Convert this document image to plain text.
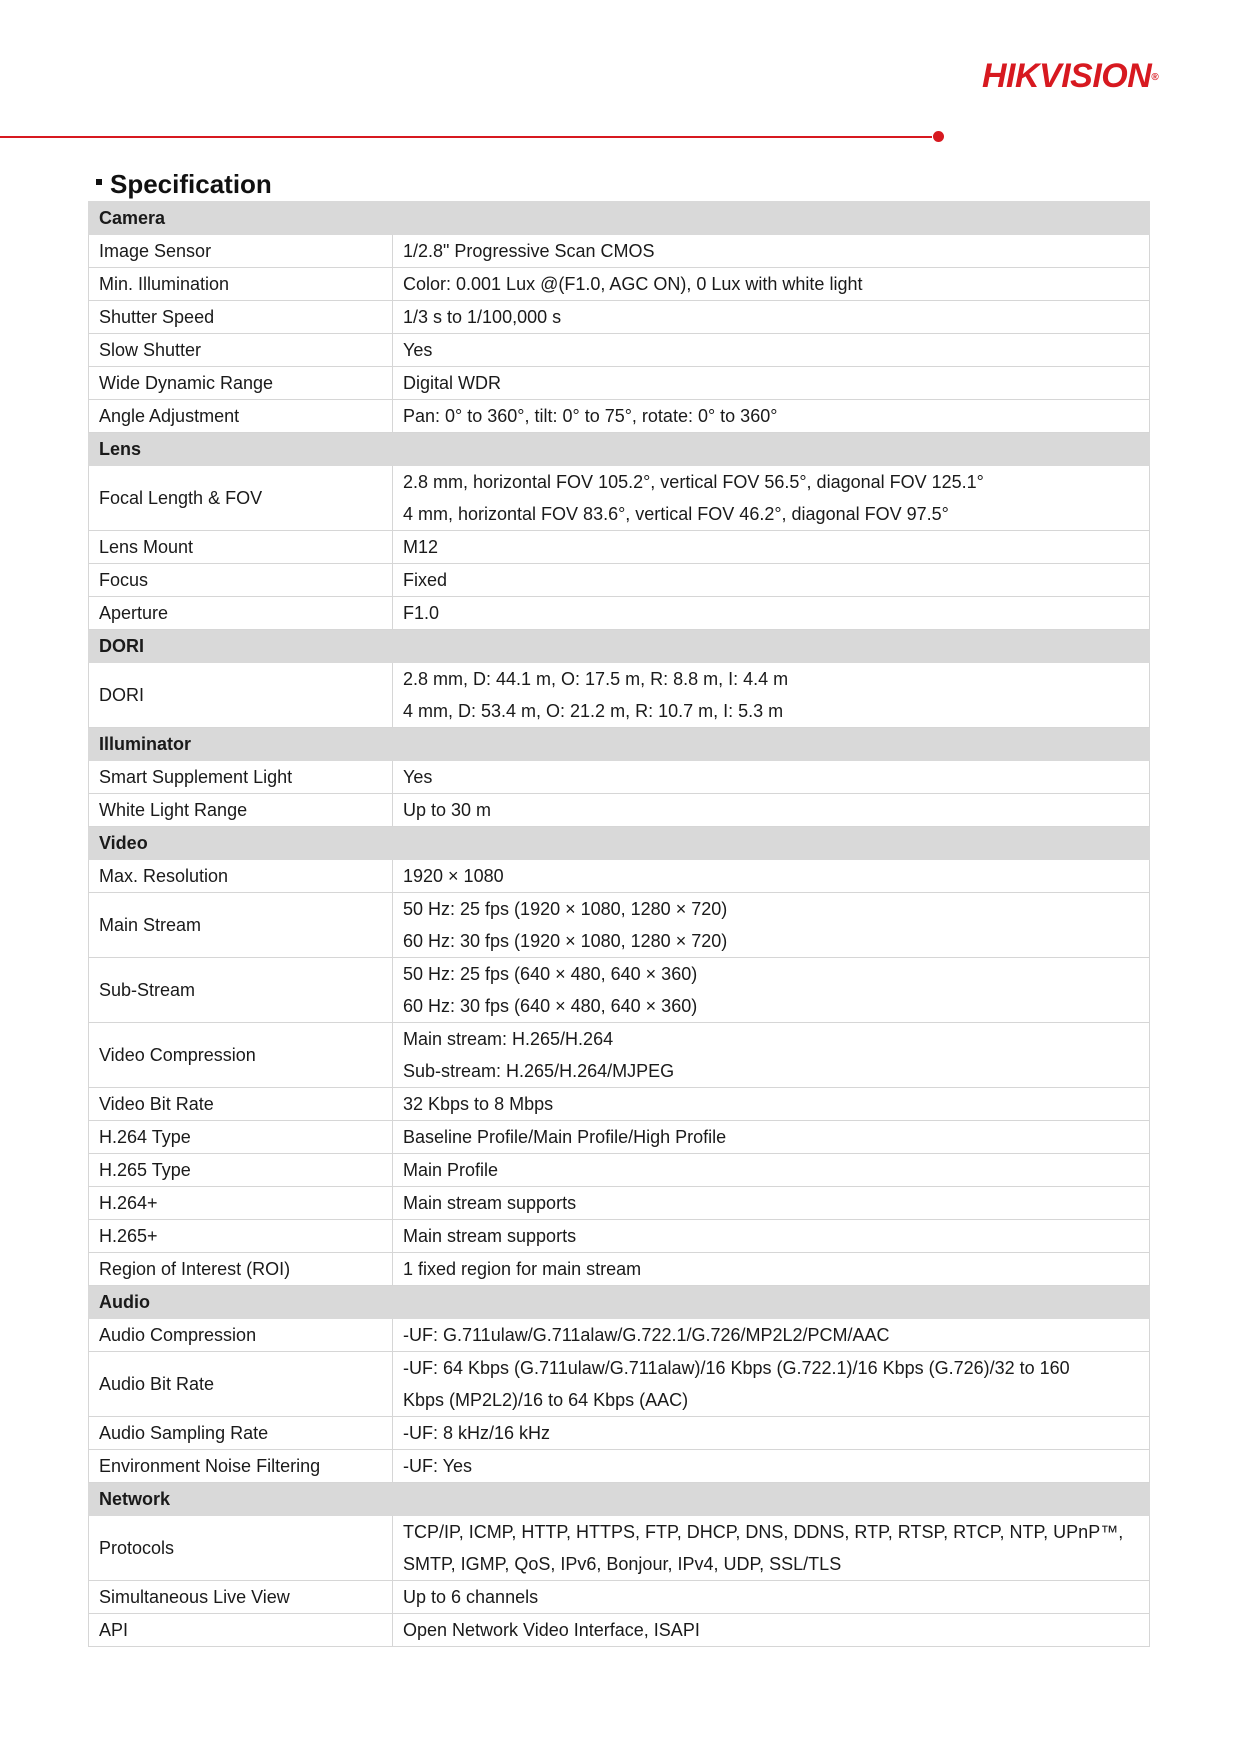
HIKVISION®
Specification
Camera	
Image Sensor	1/2.8" Progressive Scan CMOS

Min. Illumination	Color: 0.001 Lux @(F1.0, AGC ON), 0 Lux with white light

Shutter Speed	1/3 s to 1/100,000 s

Slow Shutter	Yes

Wide Dynamic Range	Digital WDR

Angle Adjustment	Pan: 0° to 360°, tilt: 0° to 75°, rotate: 0° to 360°

Lens	
Focal Length & FOV	2.8 mm, horizontal FOV 105.2°, vertical FOV 56.5°, diagonal FOV 125.1°
4 mm, horizontal FOV 83.6°, vertical FOV 46.2°, diagonal FOV 97.5°

Lens Mount	M12

Focus	Fixed

Aperture	F1.0

DORI	
DORI	2.8 mm, D: 44.1 m, O: 17.5 m, R: 8.8 m, I: 4.4 m
4 mm, D: 53.4 m, O: 21.2 m, R: 10.7 m, I: 5.3 m

Illuminator	
Smart Supplement Light	Yes

White Light Range	Up to 30 m

Video	
Max. Resolution	1920 × 1080

Main Stream	50 Hz: 25 fps (1920 × 1080, 1280 × 720)
60 Hz: 30 fps (1920 × 1080, 1280 × 720)

Sub-Stream	50 Hz: 25 fps (640 × 480, 640 × 360)
60 Hz: 30 fps (640 × 480, 640 × 360)

Video Compression	Main stream: H.265/H.264
Sub-stream: H.265/H.264/MJPEG

Video Bit Rate	32 Kbps to 8 Mbps

H.264 Type	Baseline Profile/Main Profile/High Profile

H.265 Type	Main Profile

H.264+	Main stream supports

H.265+	Main stream supports

Region of Interest (ROI)	1 fixed region for main stream

Audio	
Audio Compression	-UF: G.711ulaw/G.711alaw/G.722.1/G.726/MP2L2/PCM/AAC

Audio Bit Rate	-UF: 64 Kbps (G.711ulaw/G.711alaw)/16 Kbps (G.722.1)/16 Kbps (G.726)/32 to 160
Kbps (MP2L2)/16 to 64 Kbps (AAC)

Audio Sampling Rate	-UF: 8 kHz/16 kHz

Environment Noise Filtering	-UF: Yes

Network	
Protocols	TCP/IP, ICMP, HTTP, HTTPS, FTP, DHCP, DNS, DDNS, RTP, RTSP, RTCP, NTP, UPnP™,
SMTP, IGMP, QoS, IPv6, Bonjour, IPv4, UDP, SSL/TLS

Simultaneous Live View	Up to 6 channels

API	Open Network Video Interface, ISAPI
